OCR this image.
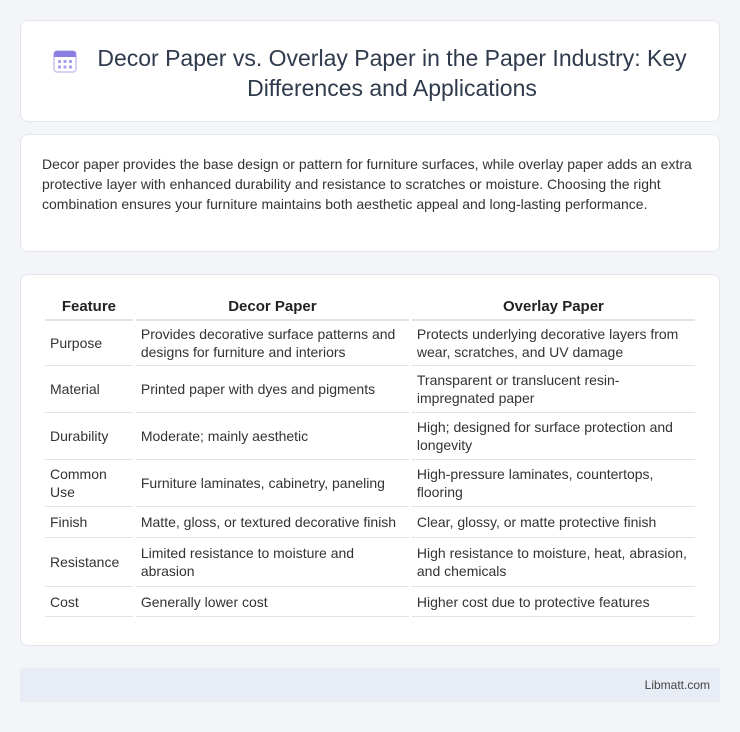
Decor Paper vs. Overlay Paper in the Paper Industry: Key Differences and Applications

Decor paper provides the base design or pattern for furniture surfaces, while overlay paper adds an extra protective layer with enhanced durability and resistance to scratches or moisture. Choosing the right combination ensures your furniture maintains both aesthetic appeal and long-lasting performance.

Feature	Decor Paper	Overlay Paper
Purpose	Provides decorative surface patterns and designs for furniture and interiors	Protects underlying decorative layers from wear, scratches, and UV damage
Material	Printed paper with dyes and pigments	Transparent or translucent resin-impregnated paper
Durability	Moderate; mainly aesthetic	High; designed for surface protection and longevity
Common Use	Furniture laminates, cabinetry, paneling	High-pressure laminates, countertops, flooring
Finish	Matte, gloss, or textured decorative finish	Clear, glossy, or matte protective finish
Resistance	Limited resistance to moisture and abrasion	High resistance to moisture, heat, abrasion, and chemicals
Cost	Generally lower cost	Higher cost due to protective features
Libmatt.com
